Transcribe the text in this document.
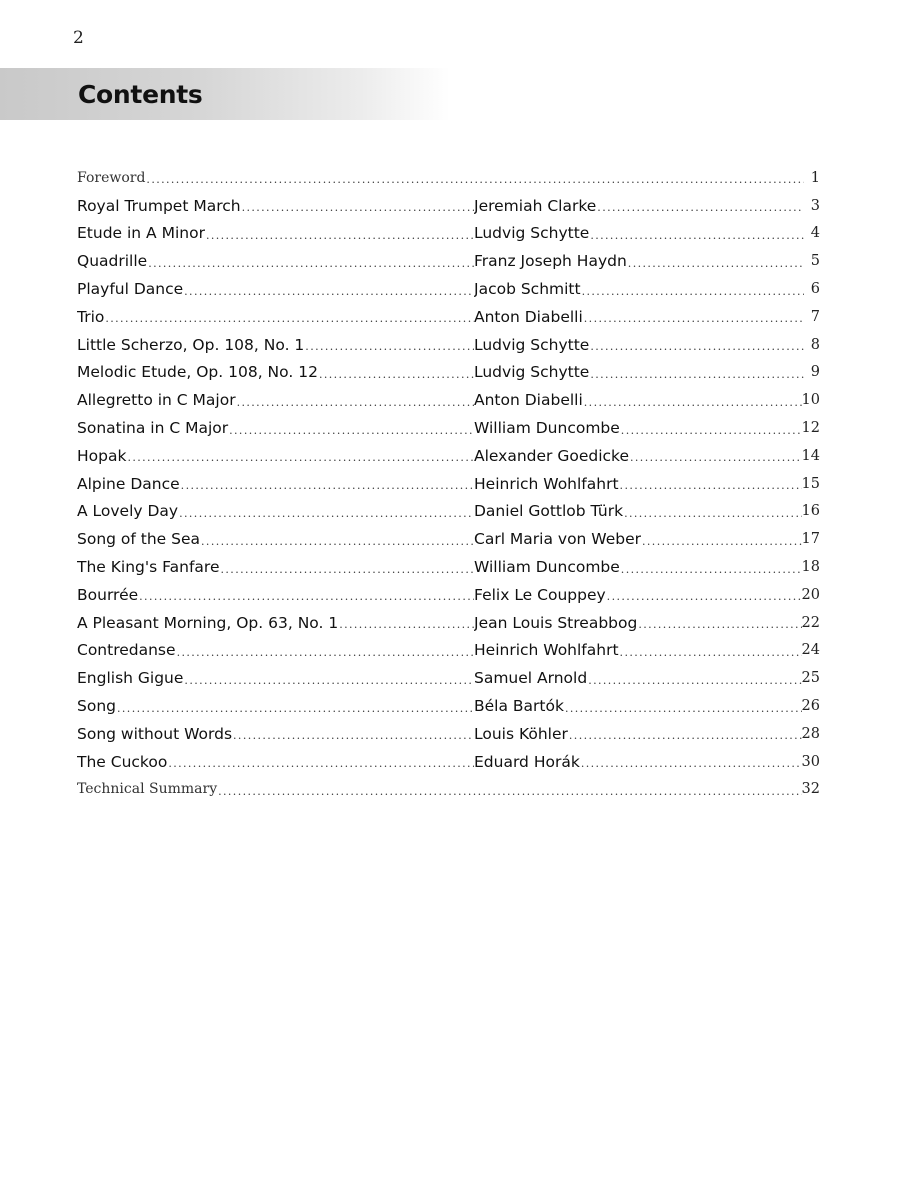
2
Contents
Foreword .....	1
Royal Trumpet March .....	Jeremiah Clarke .....	3
Etude in A Minor .....	Ludvig Schytte .....	4
Quadrille .....	Franz Joseph Haydn .....	5
Playful Dance .....	Jacob Schmitt .....	6
Trio .....	Anton Diabelli .....	7
Little Scherzo, Op. 108, No. 1 .....	Ludvig Schytte .....	8
Melodic Etude, Op. 108, No. 12 .....	Ludvig Schytte .....	9
Allegretto in C Major .....	Anton Diabelli .....	10
Sonatina in C Major .....	William Duncombe .....	12
Hopak .....	Alexander Goedicke .....	14
Alpine Dance .....	Heinrich Wohlfahrt .....	15
A Lovely Day .....	Daniel Gottlob Türk .....	16
Song of the Sea .....	Carl Maria von Weber .....	17
The King's Fanfare .....	William Duncombe .....	18
Bourrée .....	Felix Le Couppey .....	20
A Pleasant Morning, Op. 63, No. 1 .....	Jean Louis Streabbog .....	22
Contredanse .....	Heinrich Wohlfahrt .....	24
English Gigue .....	Samuel Arnold .....	25
Song .....	Béla Bartók .....	26
Song without Words .....	Louis Köhler .....	28
The Cuckoo .....	Eduard Horák .....	30
Technical Summary .....	32
